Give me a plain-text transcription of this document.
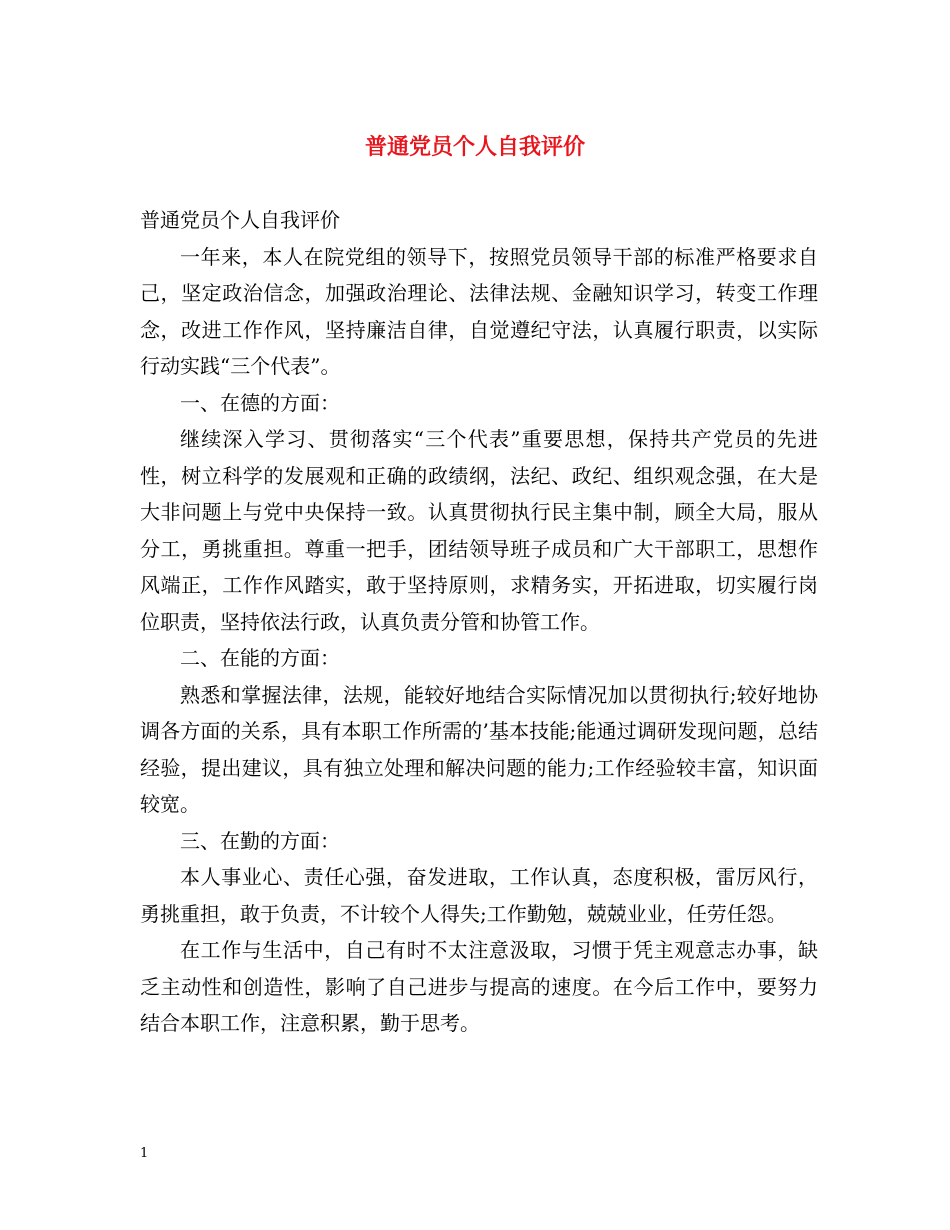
普通党员个人自我评价

普通党员个人自我评价

一年来，本人在院党组的领导下，按照党员领导干部的标准严格要求自己，坚定政治信念，加强政治理论、法律法规、金融知识学习，转变工作理念，改进工作作风，坚持廉洁自律，自觉遵纪守法，认真履行职责，以实际行动实践“三个代表”。

一、在德的方面：

继续深入学习、贯彻落实“三个代表”重要思想，保持共产党员的先进性，树立科学的发展观和正确的政绩纲，法纪、政纪、组织观念强，在大是大非问题上与党中央保持一致。认真贯彻执行民主集中制，顾全大局，服从分工，勇挑重担。尊重一把手，团结领导班子成员和广大干部职工，思想作风端正，工作作风踏实，敢于坚持原则，求精务实，开拓进取，切实履行岗位职责，坚持依法行政，认真负责分管和协管工作。

二、在能的方面：

熟悉和掌握法律，法规，能较好地结合实际情况加以贯彻执行;较好地协调各方面的关系，具有本职工作所需的’基本技能;能通过调研发现问题，总结经验，提出建议，具有独立处理和解决问题的能力;工作经验较丰富，知识面较宽。

三、在勤的方面：

本人事业心、责任心强，奋发进取，工作认真，态度积极，雷厉风行，勇挑重担，敢于负责，不计较个人得失;工作勤勉，兢兢业业，任劳任怨。

在工作与生活中，自己有时不太注意汲取，习惯于凭主观意志办事，缺乏主动性和创造性，影响了自己进步与提高的速度。在今后工作中，要努力结合本职工作，注意积累，勤于思考。

1
